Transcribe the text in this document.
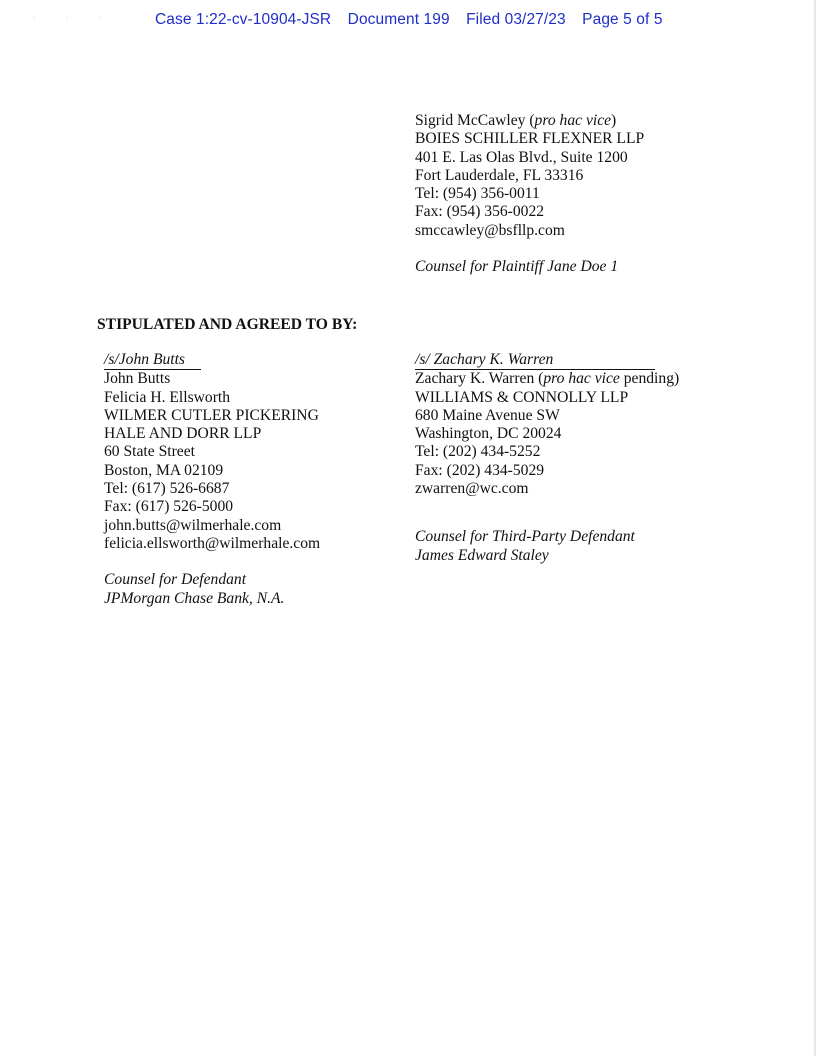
· · ·	Case 1:22-cv-10904-JSR Document 199 Filed 03/27/23 Page 5 of 5
Sigrid McCawley (pro hac vice)
BOIES SCHILLER FLEXNER LLP
401 E. Las Olas Blvd., Suite 1200
Fort Lauderdale, FL 33316
Tel: (954) 356-0011
Fax: (954) 356-0022
smccawley@bsfllp.com
Counsel for Plaintiff Jane Doe 1
STIPULATED AND AGREED TO BY:
/s/John Butts
John Butts
Felicia H. Ellsworth
WILMER CUTLER PICKERING
HALE AND DORR LLP
60 State Street
Boston, MA 02109
Tel: (617) 526-6687
Fax: (617) 526-5000
john.butts@wilmerhale.com
felicia.ellsworth@wilmerhale.com
Counsel for Defendant
JPMorgan Chase Bank, N.A.
/s/ Zachary K. Warren
Zachary K. Warren (pro hac vice pending)
WILLIAMS & CONNOLLY LLP
680 Maine Avenue SW
Washington, DC 20024
Tel: (202) 434-5252
Fax: (202) 434-5029
zwarren@wc.com
Counsel for Third-Party Defendant
James Edward Staley
